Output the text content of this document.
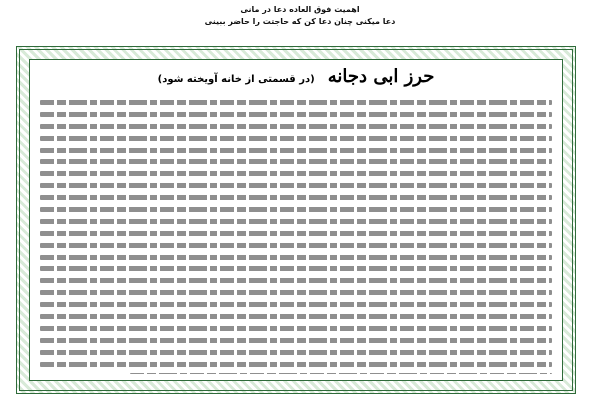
اهمیت فوق العاده دعا در مانی
دعا میکنی چنان دعا کن که حاجتت را حاضر ببینی
حرز ابی دجانه (در قسمتی از خانه آویخته شود)
